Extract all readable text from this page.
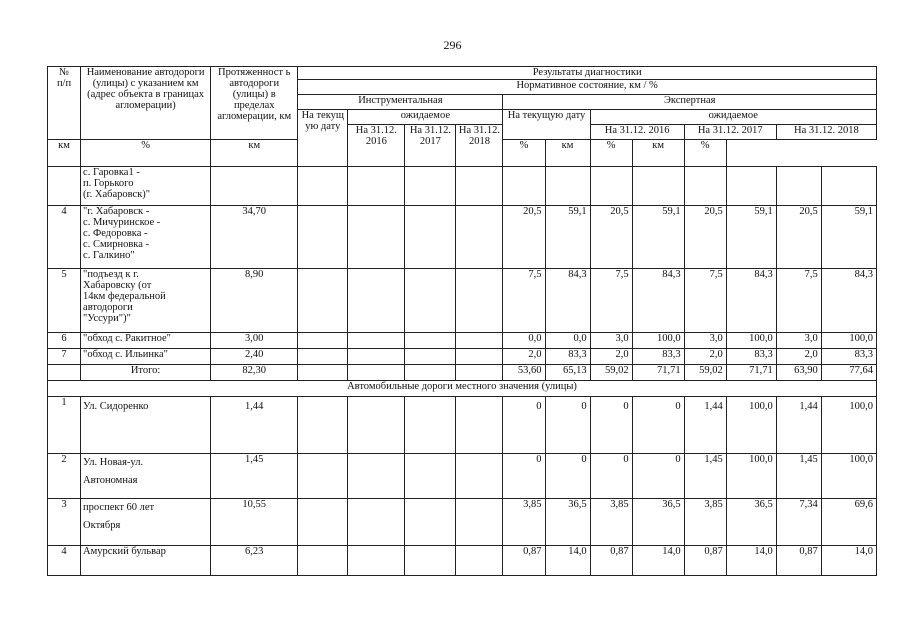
296
№
п/п	Наименование автодороги (улицы) с указанием км (адрес объекта в границах агломерации)	Протяженност ь автодороги (улицы) в пределах агломерации, км	Результаты диагностики											
			Нормативное состояние, км / %											
			Инструментальная				Экспертная							
			На текущ ую дату	ожидаемое			На текущую дату		ожидаемое					
				На 31.12. 2016	На 31.12. 2017	На 31.12. 2018			На 31.12. 2016		На 31.12. 2017		На 31.12. 2018	
км	%	км					%	км	%	км	%			
	с. Гаровка1 -
п. Горького
(г. Хабаровск)"													
4	"г. Хабаровск -
с. Мичуринское -
с. Федоровка -
с. Смирновка -
с. Галкино"	34,70					20,5	59,1	20,5	59,1	20,5	59,1	20,5	59,1
5	"подъезд к г.
Хабаровску (от
14км федеральной
автодороги
"Уссури")"	8,90					7,5	84,3	7,5	84,3	7,5	84,3	7,5	84,3
6	"обход с. Ракитное"	3,00					0,0	0,0	3,0	100,0	3,0	100,0	3,0	100,0
7	"обход с. Ильинка"	2,40					2,0	83,3	2,0	83,3	2,0	83,3	2,0	83,3
	Итого:	82,30					53,60	65,13	59,02	71,71	59,02	71,71	63,90	77,64
Автомобильные дороги местного значения (улицы)														
1	Ул. Сидоренко	1,44					0	0	0	0	1,44	100,0	1,44	100,0
2	Ул. Новая-ул.
Автономная	1,45					0	0	0	0	1,45	100,0	1,45	100,0
3	проспект 60 лет
Октября	10,55					3,85	36,5	3,85	36,5	3,85	36,5	7,34	69,6
4	Амурский бульвар	6,23					0,87	14,0	0,87	14,0	0,87	14,0	0,87	14,0
